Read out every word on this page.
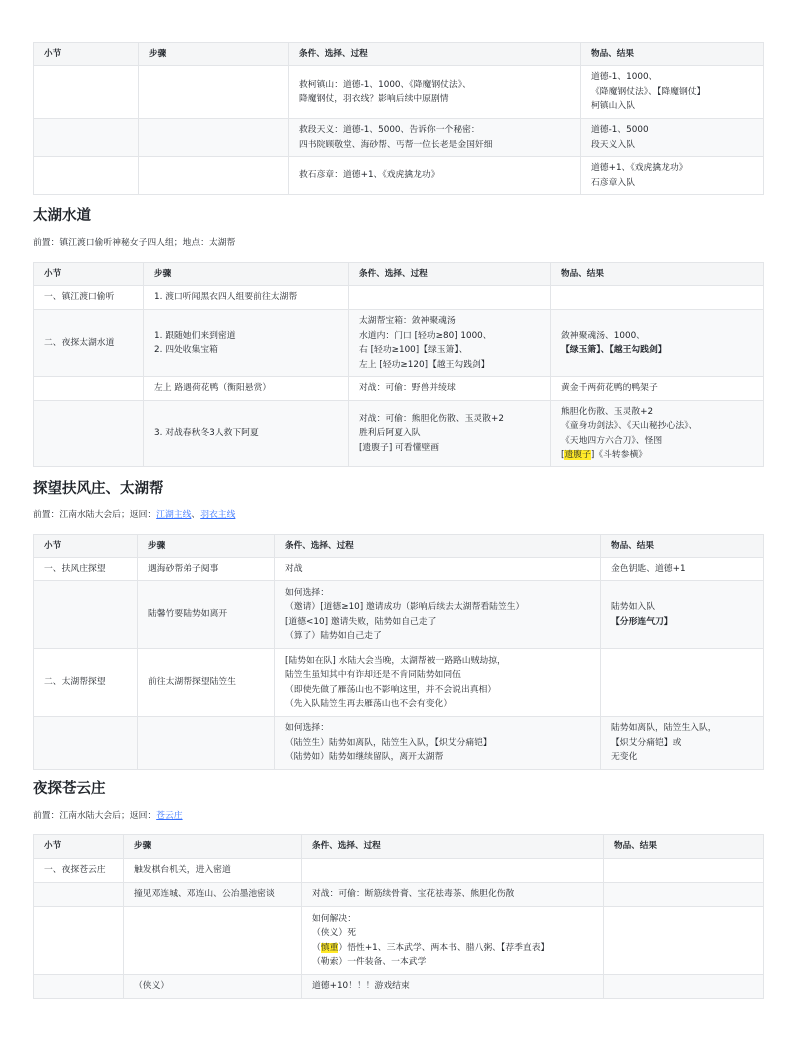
小节	步骤	条件、选择、过程	物品、结果

		救柯镇山：道德-1、1000、《降魔钢仗法》、
降魔钢仗，羽衣线？影响后续中原剧情	道德-1、1000、
《降魔钢仗法》、【降魔钢仗】
柯镇山入队

		救段天义：道德-1、5000、告诉你一个秘密：
四书院顾敬堂、海砂帮、丐帮一位长老是金国奸细	道德-1、5000
段天义入队

		救石彦章：道德+1、《戏虎擒龙功》	道德+1、《戏虎擒龙功》
石彦章入队
太湖水道
前置：镇江渡口偷听神秘女子四人组；地点：太湖帮
小节	步骤	条件、选择、过程	物品、结果
一、镇江渡口偷听	1. 渡口听闻黑衣四人组要前往太湖帮		
二、夜探太湖水道	1. 跟随她们来到密道
2. 四处收集宝箱	太湖帮宝箱：敛神聚魂汤
水道内：门口 [轻功≥80] 1000、
右 [轻功≥100]【绿玉箫】、
左上 [轻功≥120]【越王勾践剑】	敛神聚魂汤、1000、
【绿玉箫】、【越王勾践剑】

	左上 路遇荷花鸭（衡阳悬赏）	对战：可偷：野兽并绫球	黄金千两荷花鸭的鸭架子
	3. 对战春秋冬3人救下阿夏	对战：可偷：熊胆化伤散、玉灵散+2
胜利后阿夏入队
[遗腹子] 可看懂壁画	熊胆化伤散、玉灵散+2
《童身功剑法》、《天山秘抄心法》、
《天地四方六合刀》、怪图
[遗腹子]《斗转参横》
探望扶风庄、太湖帮
前置：江南水陆大会后；返回：江湖主线、羽衣主线
小节	步骤	条件、选择、过程	物品、结果
一、扶风庄探望	遇海砂帮弟子阋事	对战	金色钥匙、道德+1
	陆馨竹要陆势如离开	如何选择：
（邀请）[道德≥10] 邀请成功（影响后续去太湖帮看陆笠生）
[道德<10] 邀请失败，陆势如自己走了
（算了）陆势如自己走了	陆势如入队
【分形连气刀】

二、太湖帮探望	前往太湖帮探望陆笠生	[陆势如在队] 水陆大会当晚，太湖帮被一路路山贼劫掠，
陆笠生虽知其中有诈却还是不肯同陆势如同伍
（即使先做了雁荡山也不影响这里，并不会说出真相）
（先入队陆笠生再去雁荡山也不会有变化）	

		如何选择：
（陆笠生）陆势如离队，陆笠生入队，【炽艾分痛铠】
（陆势如）陆势如继续留队，离开太湖帮	陆势如离队，陆笠生入队，
【炽艾分痛铠】或
无变化
夜探苍云庄
前置：江南水陆大会后；返回：苍云庄
小节	步骤	条件、选择、过程	物品、结果
一、夜探苍云庄	触发棋台机关，进入密道		
	撞见邓连城、邓连山、公冶墨池密谈	对战：可偷：断筋续骨膏、宝花祛毒茶、熊胆化伤散	

		如何解决：
（侠义）死
（慎重）悟性+1、三本武学、两本书、腊八粥、【荐季直表】
（勒索）一件装备、一本武学	

	（侠义）	道德+10！！！游戏结束	
